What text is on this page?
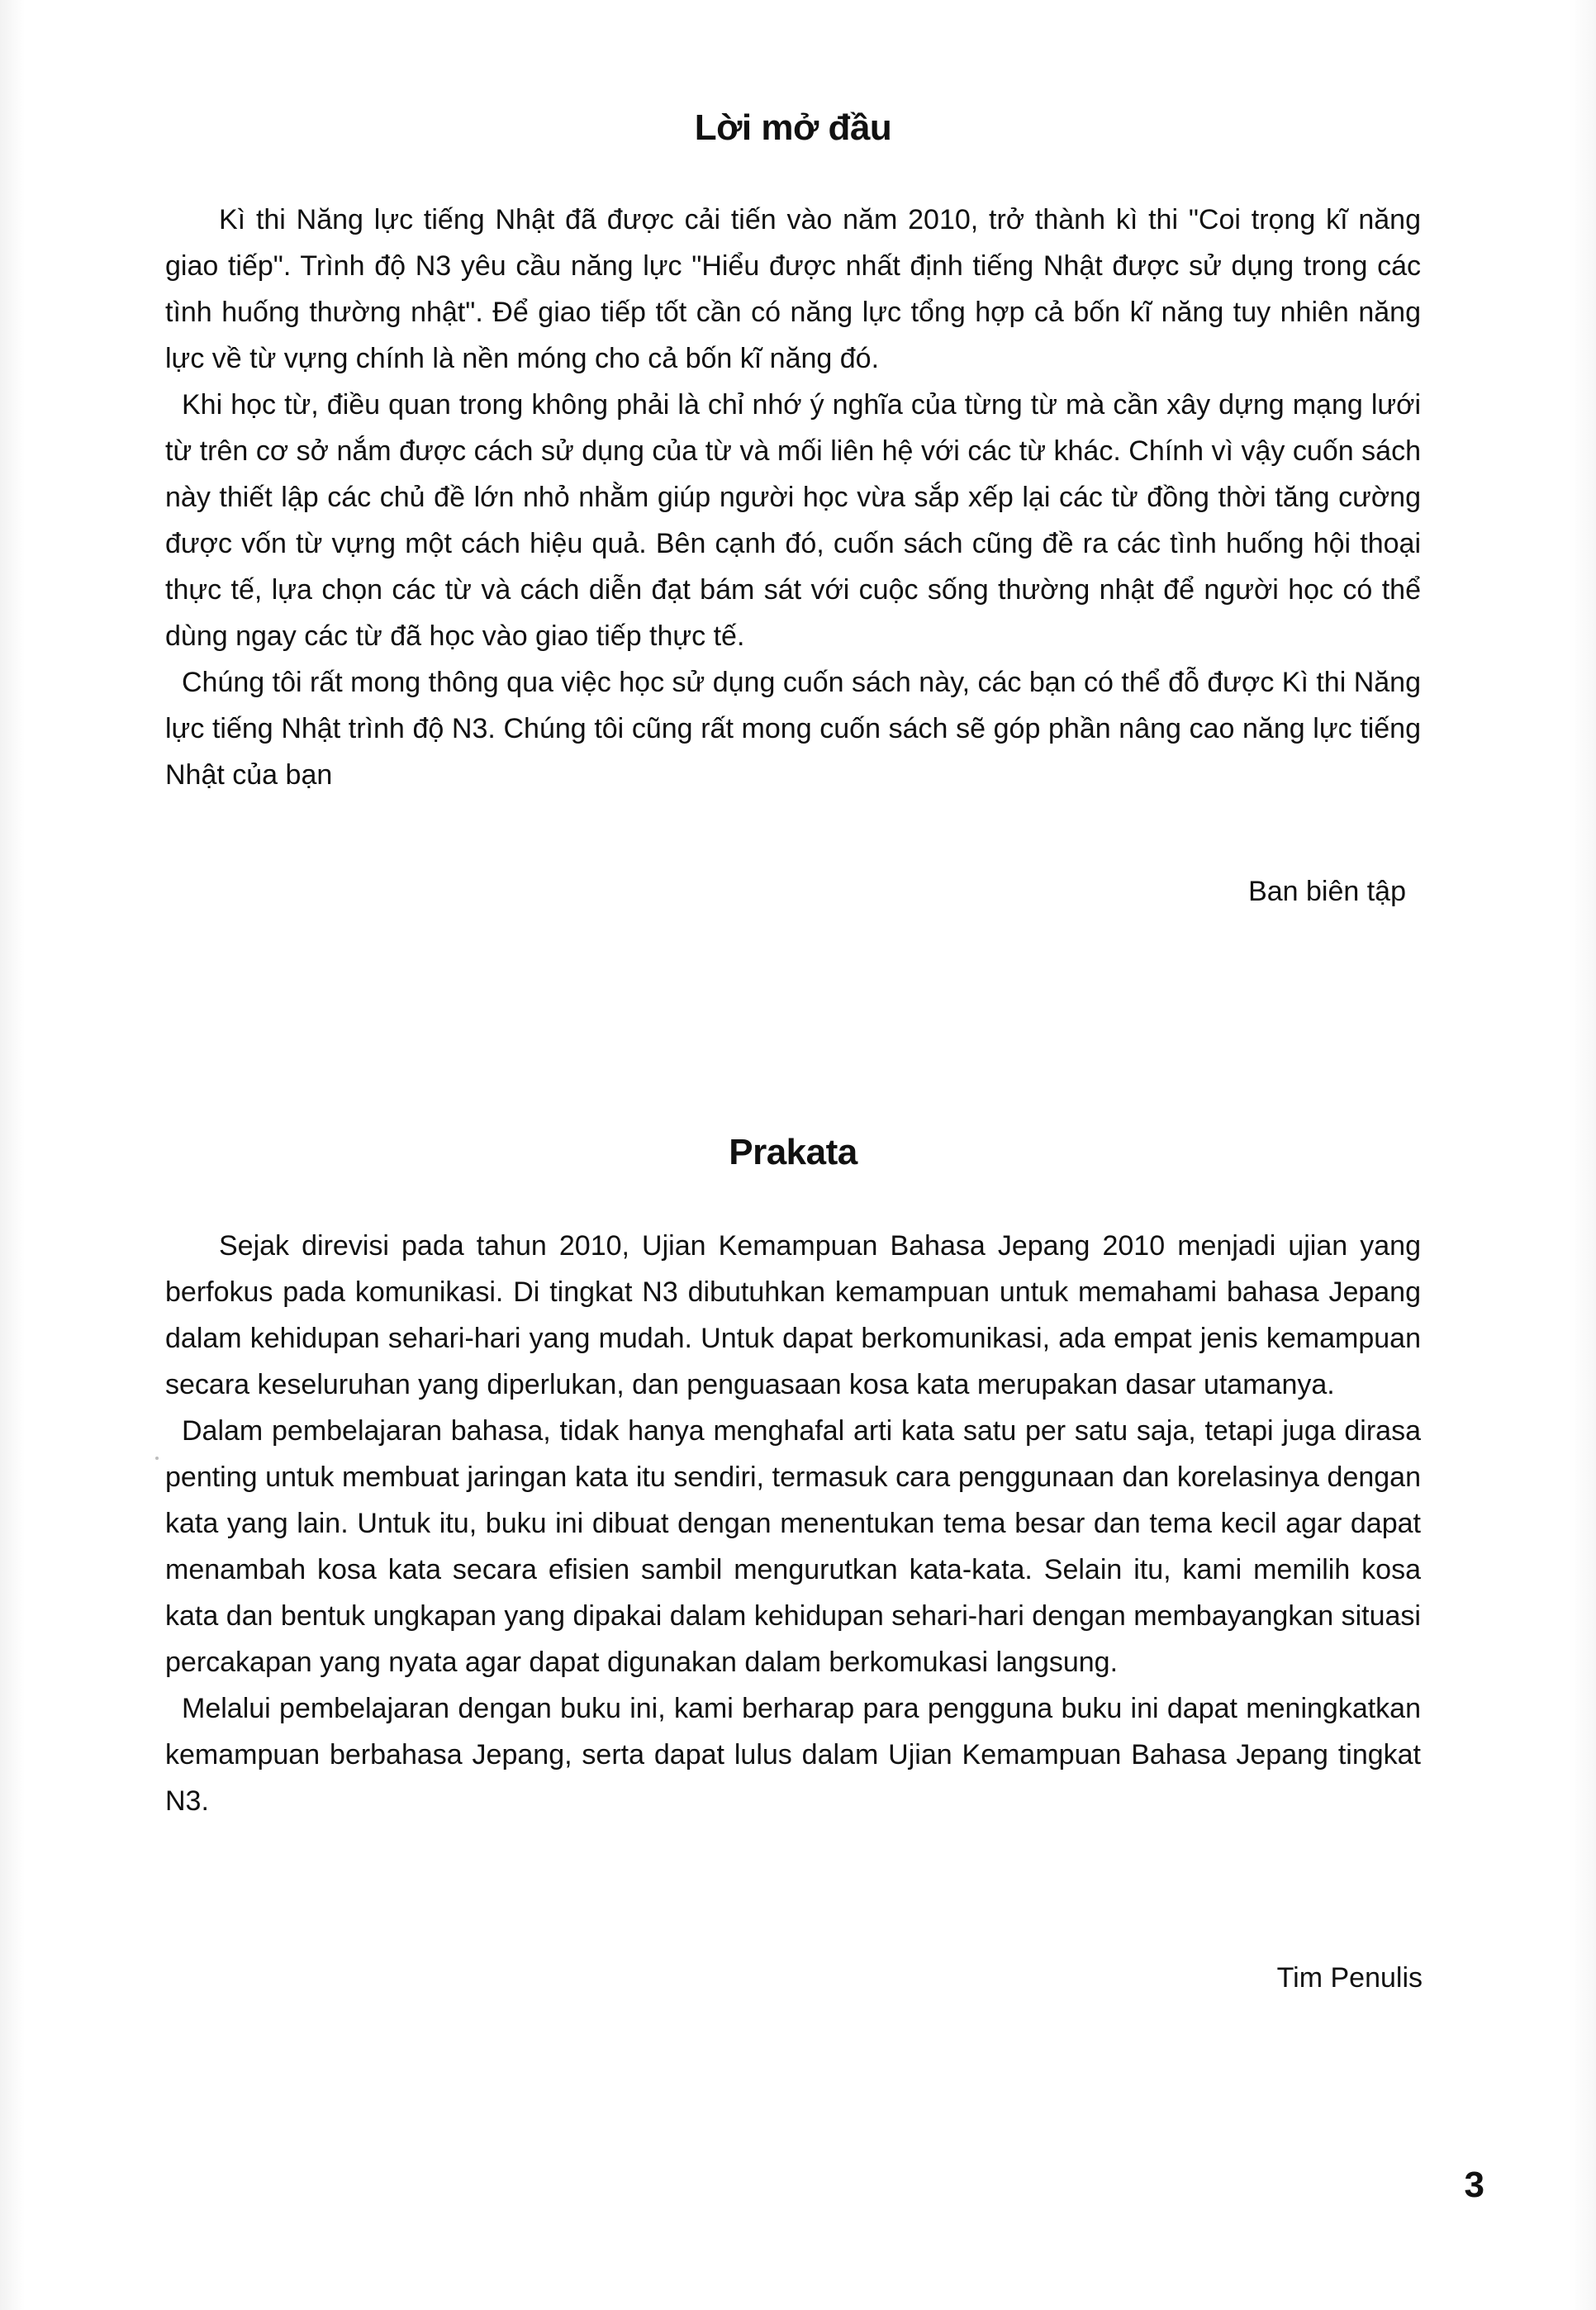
Lời mở đầu

Kì thi Năng lực tiếng Nhật đã được cải tiến vào năm 2010, trở thành kì thi "Coi trọng kĩ năng giao tiếp". Trình độ N3 yêu cầu năng lực "Hiểu được nhất định tiếng Nhật được sử dụng trong các tình huống thường nhật". Để giao tiếp tốt cần có năng lực tổng hợp cả bốn kĩ năng tuy nhiên năng lực về từ vựng chính là nền móng cho cả bốn kĩ năng đó.

Khi học từ, điều quan trong không phải là chỉ nhớ ý nghĩa của từng từ mà cần xây dựng mạng lưới từ trên cơ sở nắm được cách sử dụng của từ và mối liên hệ với các từ khác. Chính vì vậy cuốn sách này thiết lập các chủ đề lớn nhỏ nhằm giúp người học vừa sắp xếp lại các từ đồng thời tăng cường được vốn từ vựng một cách hiệu quả. Bên cạnh đó, cuốn sách cũng đề ra các tình huống hội thoại thực tế, lựa chọn các từ và cách diễn đạt bám sát với cuộc sống thường nhật để người học có thể dùng ngay các từ đã học vào giao tiếp thực tế.

Chúng tôi rất mong thông qua việc học sử dụng cuốn sách này, các bạn có thể đỗ được Kì thi Năng lực tiếng Nhật trình độ N3. Chúng tôi cũng rất mong cuốn sách sẽ góp phần nâng cao năng lực tiếng Nhật của bạn

Ban biên tập

Prakata

Sejak direvisi pada tahun 2010, Ujian Kemampuan Bahasa Jepang 2010 menjadi ujian yang berfokus pada komunikasi. Di tingkat N3 dibutuhkan kemampuan untuk memahami bahasa Jepang dalam kehidupan sehari-hari yang mudah. Untuk dapat berkomunikasi, ada empat jenis kemampuan secara keseluruhan yang diperlukan, dan penguasaan kosa kata merupakan dasar utamanya.

Dalam pembelajaran bahasa, tidak hanya menghafal arti kata satu per satu saja, tetapi juga dirasa penting untuk membuat jaringan kata itu sendiri, termasuk cara penggunaan dan korelasinya dengan kata yang lain. Untuk itu, buku ini dibuat dengan menentukan tema besar dan tema kecil agar dapat menambah kosa kata secara efisien sambil mengurutkan kata-kata. Selain itu, kami memilih kosa kata dan bentuk ungkapan yang dipakai dalam kehidupan sehari-hari dengan membayangkan situasi percakapan yang nyata agar dapat digunakan dalam berkomukasi langsung.

Melalui pembelajaran dengan buku ini, kami berharap para pengguna buku ini dapat meningkatkan kemampuan berbahasa Jepang, serta dapat lulus dalam Ujian Kemampuan Bahasa Jepang tingkat N3.

Tim Penulis

3
